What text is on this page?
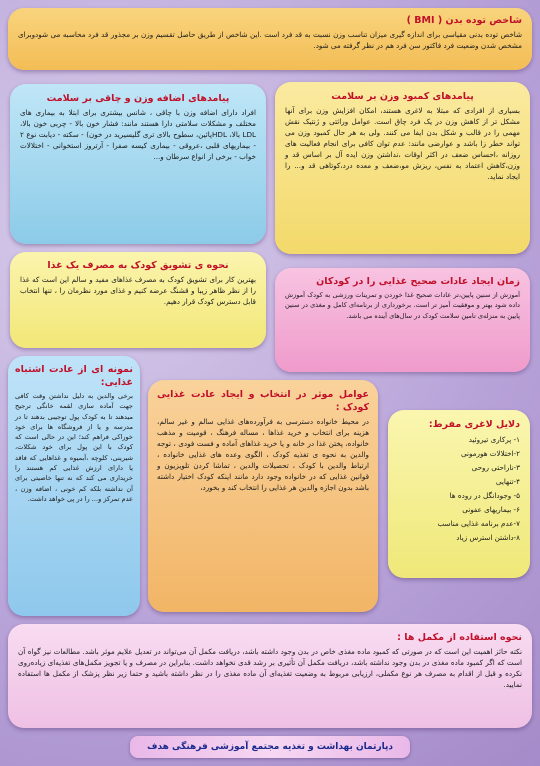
شاخص توده بدن ( BMI )
شاخص توده بدنی مقیاسی برای اندازه گیری میزان تناسب وزن نسبت به قد فرد است .این شاخص از طریق حاصل تقسیم وزن بر مجذور قد فرد محاسبه می شودوبرای مشخص شدن وضعیت فرد فاکتور سن فرد هم در نظر گرفته می شود.
پیامدهای کمبود وزن بر سلامت
بسیاری از افرادی که مبتلا به لاغری هستند، امکان افزایش وزن برای آنها مشکل تر از کاهش وزن در یک فرد چاق است. عوامل وراثتی و ژنتیک نقش مهمی را در قالب و شکل بدن ایفا می کنند. ولی به هر حال کمبود وزن می تواند خطر زا باشد و عوارضی مانند: عدم توان کافی برای انجام فعالیت های روزانه ،احساس ضعف در اکثر اوقات ،نداشتن وزن ایده آل بر اساس قد و وزن،کاهش اعتماد به نفس، ریزش مو،ضعف و معده درد،کوتاهی قد و... را ایجاد نماید.
پیامدهای اضافه وزن و چاقی بر سلامت
افراد دارای اضافه وزن با چاقی ، شانس بیشتری برای ابتلا به بیماری های مختلف و مشکلات سلامتی دارا هستند مانند: فشار خون بالا - چربی خون بالا، LDL بالا، HDLپائین، سطوح بالای تری گلیسیرید در خون) - سکته - دیابت نوع ۲ - بیماریهای قلبی ،عروقی - بیماری کیسه صفرا - آرتروز استخوانی - اختلالات خواب - برخی از انواع سرطان و...
نحوه ی تشویق کودک به مصرف یک غذا
بهترین کار برای تشویق کودک به مصرف غذاهای مفید و سالم این است که غذا را از نظر ظاهر زیبا و قشنگ عرضه کنیم و غذای مورد نظرمان را ، تنها انتخاب قابل دسترس کودک قرار دهیم.
زمان ایجاد عادات صحیح غذایی را در کودکان
آموزش از سنین پایین،تر عادات صحیح غذا خوردن و تمرینات ورزشی به کودک آموزش داده شود بهتر و موفقیت آمیز تر است. برخورداری از برنامه‌ای کامل و مغذی در سنین پایین به منزله‌ی تامین سلامت کودک در سال‌های آینده می باشد.
نمونه ای از عادت اشتباه غذایی:
برخی والدین به دلیل نداشتن وقت کافی جهت آماده سازی لقمه خانگی ترجیح میدهند تا به کودک پول توجیبی بدهند تا در مدرسه و یا از فروشگاه ها برای خود خوراکی فراهم کند؛ این در حالی است که کودک با این پول برای خود شکلات، شیرینی، کلوچه ،آبمیوه و غذاهایی که فاقد یا دارای ارزش غذایی کم هستند را خریداری می کند که نه تنها خاصیتی برای آن نداشته بلکه کم خونی ، اضافه وزن ، عدم تمرکز و... را در پی خواهد داشت.
عوامل موثر در انتخاب و ایجاد عادت غذایی کودک :
در محیط خانواده دسترسی به فرآورده‌های غذایی سالم و غیر سالم، هزینه برای انتخاب و خرید غذاها ، مساله فرهنگ ، قومیت و مذهب خانواده، پختن غذا در خانه و یا خرید غذاهای آماده و فست فودی ، توجه والدین به نحوه ی تغذیه کودک ، الگوی وعده های غذایی خانواده ، ارتباط والدین با کودک ، تحصیلات والدین ، تماشا کردن تلویزیون و قوانین غذایی که در خانواده وجود دارد مانند اینکه کودک اختیار داشته باشد بدون اجازه والدین هر غذایی را انتخاب کند و بخورد،
دلایل لاغری مفرط:
۱- پرکاری تیروئید
۲-اختلالات هورمونی
۳-ناراحتی روحی
۴-تنهایی
۵- وجودانگل در روده ها
۶- بیماریهای عفونی
۷-عدم برنامه غذایی مناسب
۸-داشتن استرس زیاد
نحوه استفاده از مکمل ها :
نکته حائز اهمیت این است که در صورتی که کمبود ماده مغذی خاص در بدن وجود داشته باشد، دریافت مکمل آن می‌تواند در تعدیل علایم موثر باشد. مطالعات نیز گواه آن است که اگر کمبود ماده مغذی در بدن وجود نداشته باشد، دریافت مکمل آن تأثیری بر رشد قدی نخواهد داشت. بنابراین در مصرف و یا تجویز مکمل‌های تغذیه‌ای زیاده‌روی نکرده و قبل از اقدام به مصرف هر نوع مکملی، ارزیابی مربوط به وضعیت تغذیه‌ای آن ماده مغذی را در نظر داشته باشید و حتما زیر نظر پزشک از مکمل ها استفاده نمایید.
دپارتمان بهداشت و تغذیه مجتمع آموزشی فرهنگی هدف
